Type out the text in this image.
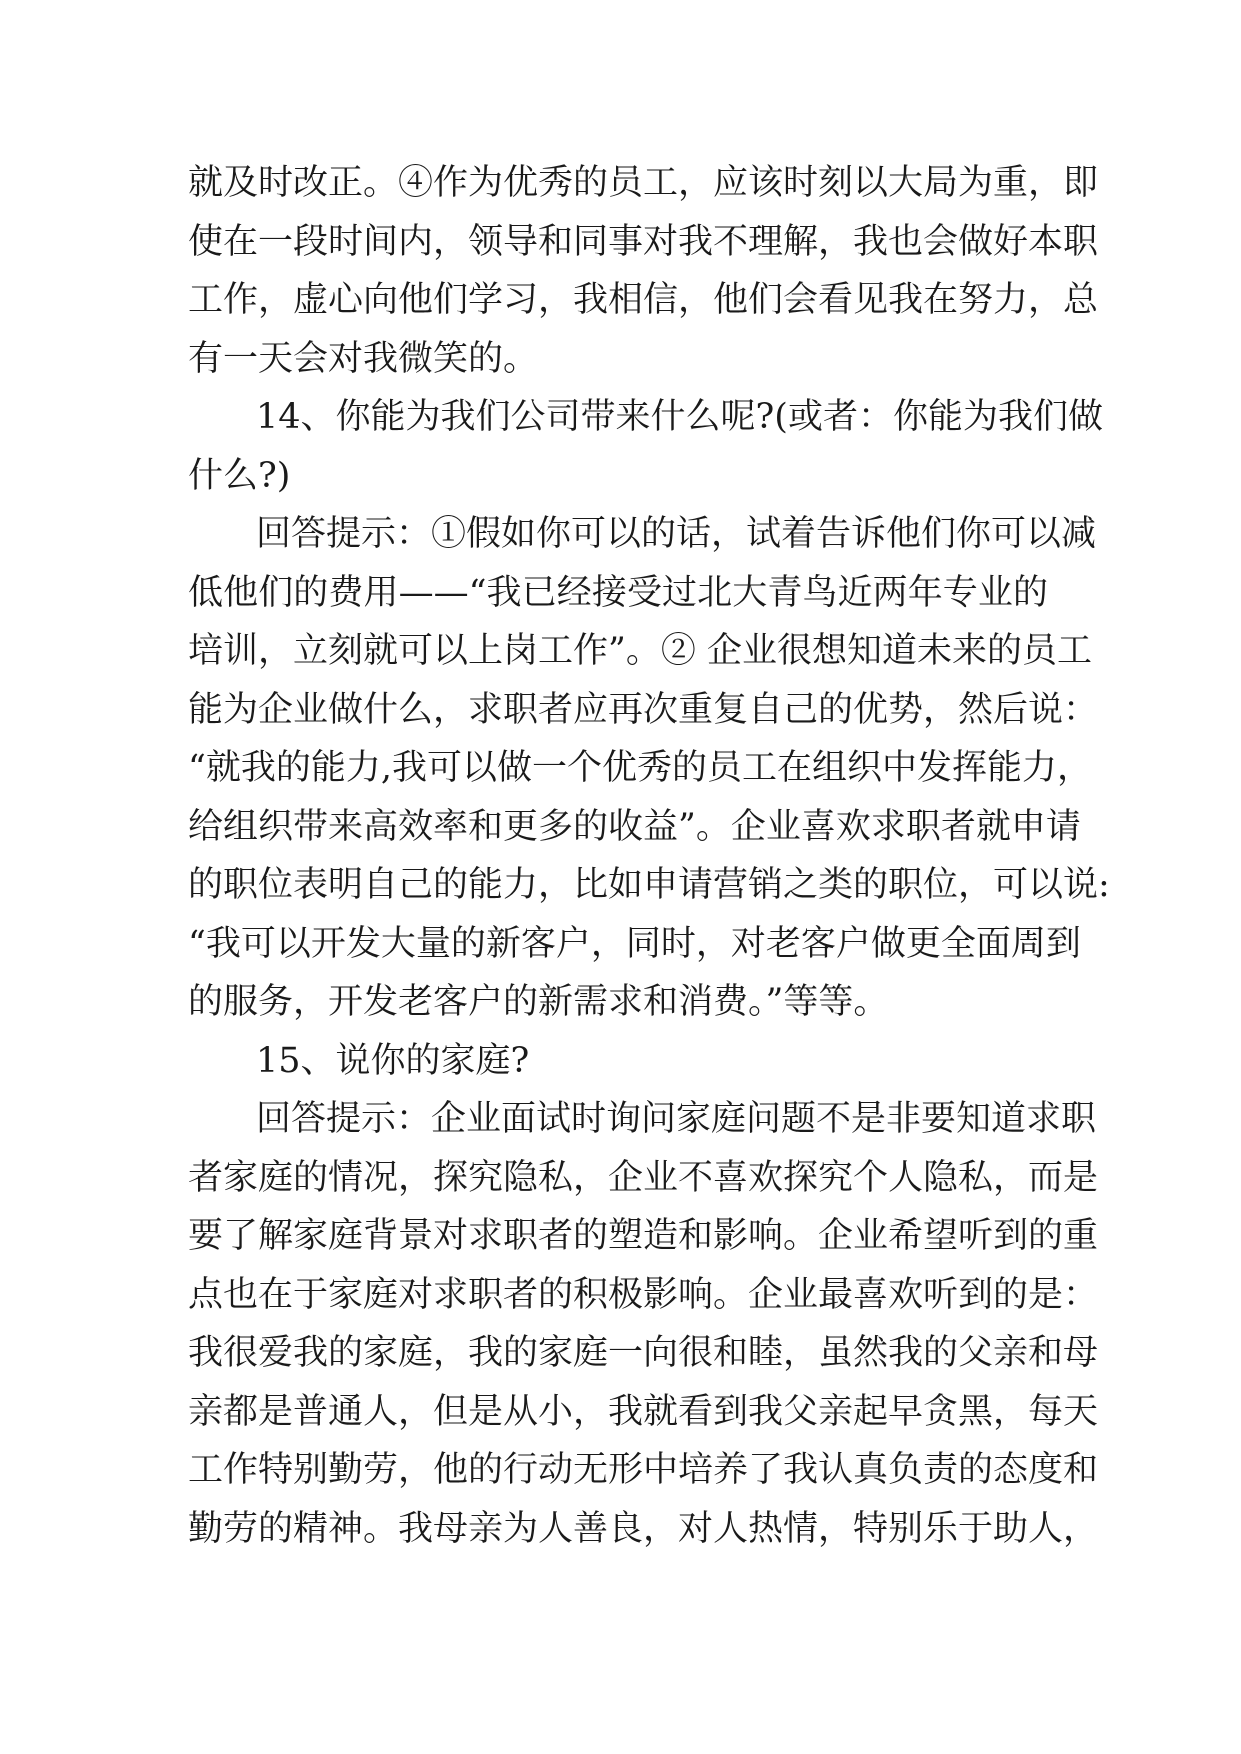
就及时改正。④作为优秀的员工，应该时刻以大局为重，即
使在一段时间内，领导和同事对我不理解，我也会做好本职
工作，虚心向他们学习，我相信，他们会看见我在努力，总
有一天会对我微笑的。
14、你能为我们公司带来什么呢?(或者：你能为我们做
什么?)
回答提示：①假如你可以的话，试着告诉他们你可以减
低他们的费用——“我已经接受过北大青鸟近两年专业的
培训，立刻就可以上岗工作”。② 企业很想知道未来的员工
能为企业做什么，求职者应再次重复自己的优势，然后说：
“就我的能力,我可以做一个优秀的员工在组织中发挥能力，
给组织带来高效率和更多的收益”。企业喜欢求职者就申请
的职位表明自己的能力，比如申请营销之类的职位，可以说:
“我可以开发大量的新客户，同时，对老客户做更全面周到
的服务，开发老客户的新需求和消费。”等等。
15、说你的家庭?
回答提示：企业面试时询问家庭问题不是非要知道求职
者家庭的情况，探究隐私，企业不喜欢探究个人隐私，而是
要了解家庭背景对求职者的塑造和影响。企业希望听到的重
点也在于家庭对求职者的积极影响。企业最喜欢听到的是：
我很爱我的家庭，我的家庭一向很和睦，虽然我的父亲和母
亲都是普通人，但是从小，我就看到我父亲起早贪黑，每天
工作特别勤劳，他的行动无形中培养了我认真负责的态度和
勤劳的精神。我母亲为人善良，对人热情，特别乐于助人，
